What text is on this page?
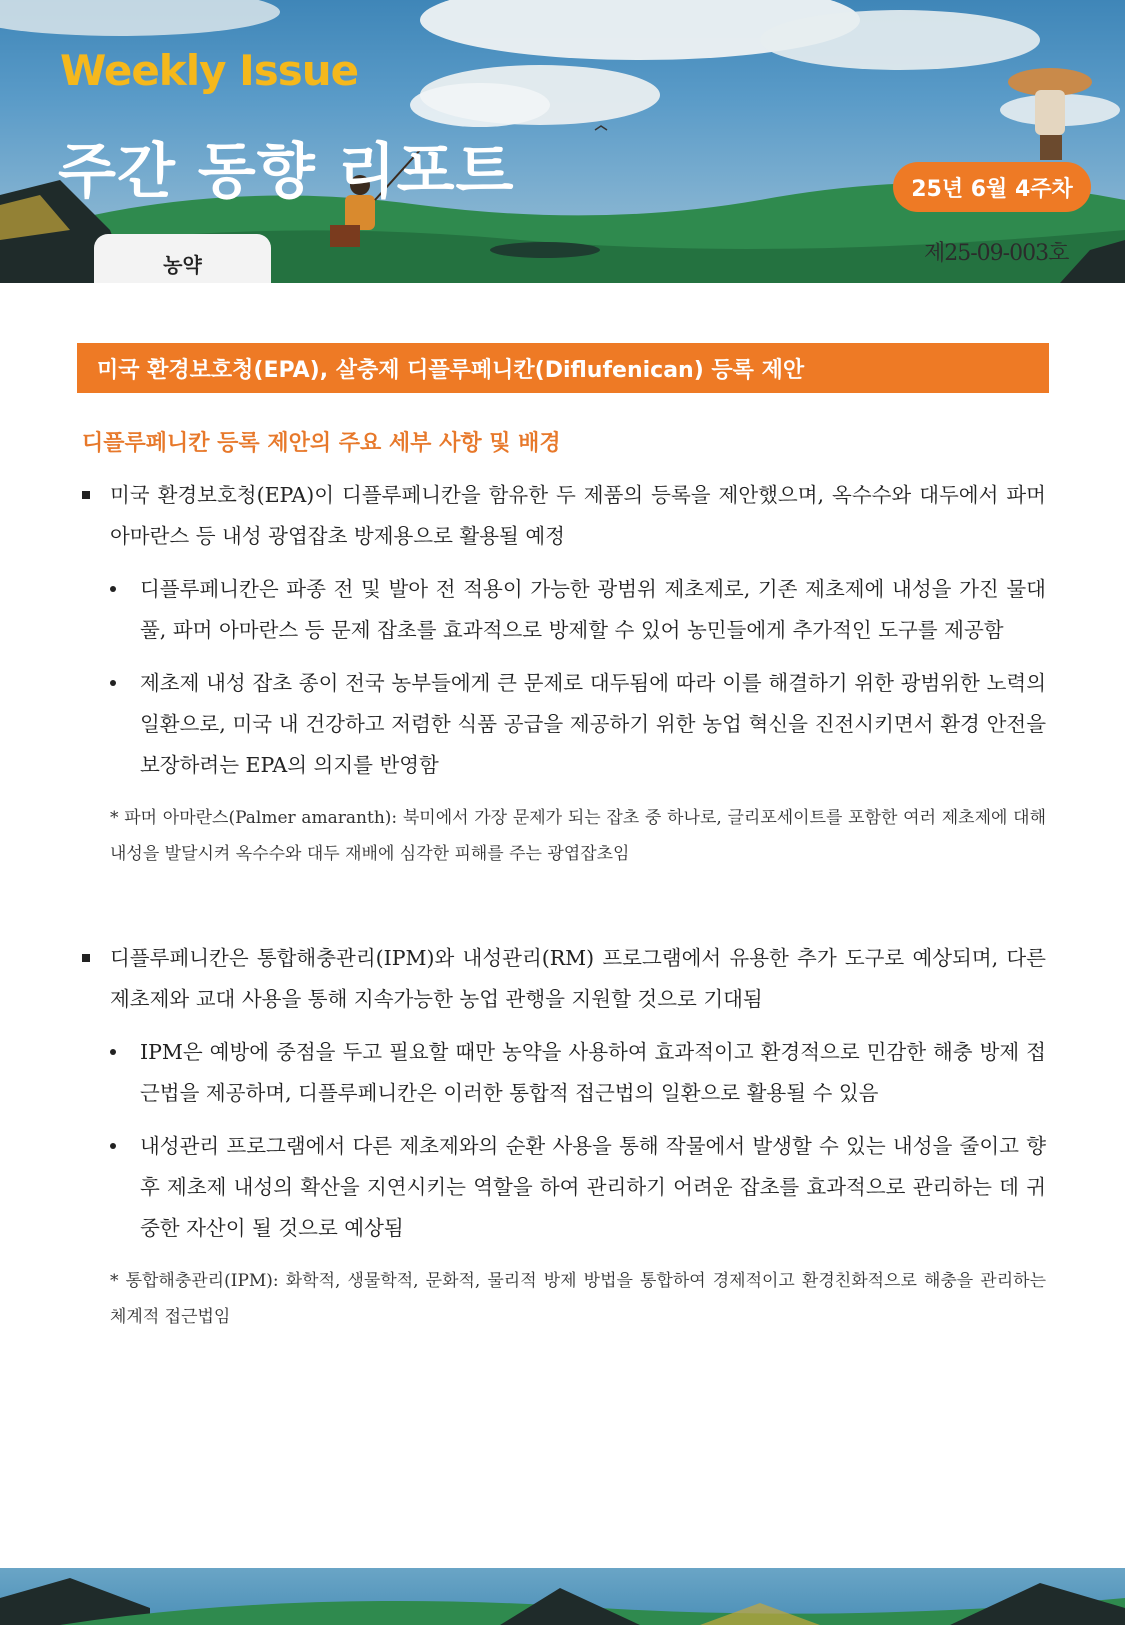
Weekly Issue
주간 동향 리포트	25년 6월 4주차
제25-09-003호
농약
미국 환경보호청(EPA), 살충제 디플루페니칸(Diflufenican) 등록 제안
디플루페니칸 등록 제안의 주요 세부 사항 및 배경
미국 환경보호청(EPA)이 디플루페니칸을 함유한 두 제품의 등록을 제안했으며, 옥수수와 대두에서 파머 아마란스 등 내성 광엽잡초 방제용으로 활용될 예정
디플루페니칸은 파종 전 및 발아 전 적용이 가능한 광범위 제초제로, 기존 제초제에 내성을 가진 물대풀, 파머 아마란스 등 문제 잡초를 효과적으로 방제할 수 있어 농민들에게 추가적인 도구를 제공함
제초제 내성 잡초 종이 전국 농부들에게 큰 문제로 대두됨에 따라 이를 해결하기 위한 광범위한 노력의 일환으로, 미국 내 건강하고 저렴한 식품 공급을 제공하기 위한 농업 혁신을 진전시키면서 환경 안전을 보장하려는 EPA의 의지를 반영함
* 파머 아마란스(Palmer amaranth): 북미에서 가장 문제가 되는 잡초 중 하나로, 글리포세이트를 포함한 여러 제초제에 대해 내성을 발달시켜 옥수수와 대두 재배에 심각한 피해를 주는 광엽잡초임
디플루페니칸은 통합해충관리(IPM)와 내성관리(RM) 프로그램에서 유용한 추가 도구로 예상되며, 다른 제초제와 교대 사용을 통해 지속가능한 농업 관행을 지원할 것으로 기대됨
IPM은 예방에 중점을 두고 필요할 때만 농약을 사용하여 효과적이고 환경적으로 민감한 해충 방제 접근법을 제공하며, 디플루페니칸은 이러한 통합적 접근법의 일환으로 활용될 수 있음
내성관리 프로그램에서 다른 제초제와의 순환 사용을 통해 작물에서 발생할 수 있는 내성을 줄이고 향후 제초제 내성의 확산을 지연시키는 역할을 하여 관리하기 어려운 잡초를 효과적으로 관리하는 데 귀중한 자산이 될 것으로 예상됨
* 통합해충관리(IPM): 화학적, 생물학적, 문화적, 물리적 방제 방법을 통합하여 경제적이고 환경친화적으로 해충을 관리하는 체계적 접근법임
